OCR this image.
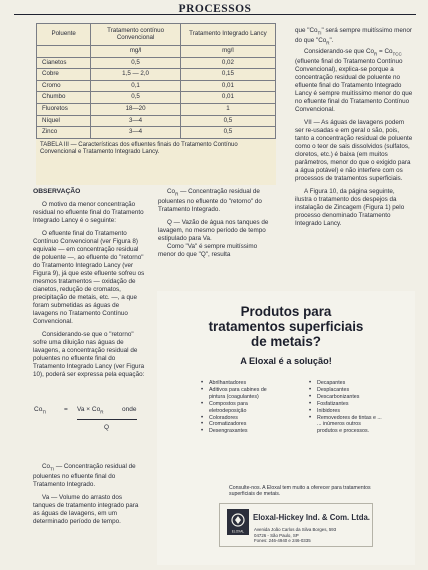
PROCESSOS
Poluente	Tratamento contínuo Convencional	Tratamento Integrado Lancy
	mg/l	mg/l
Cianetos	0,5	0,02
Cobre	1,5 — 2,0	0,15
Cromo	0,1	0,01
Chumbo	0,5	0,01
Fluoretos	18—20	1
Níquel	3—4	0,5
Zinco	3—4	0,5
TABELA III — Características dos efluentes finais do Tratamento Contínuo Convencional e Tratamento Integrado Lancy.

OBSERVAÇÃO

O motivo da menor concentração residual no efluente final do Tratamento Integrado Lancy é o seguinte:

O efluente final do Tratamento Contínuo Convencional (ver Figura 8) equivale — em concentração residual de poluente —, ao efluente do "retorno" do Tratamento Integrado Lancy (ver Figura 9), já que este efluente sofreu os mesmos tratamentos — oxidação de cianetos, redução de cromatos, precipitação de metais, etc. —, a que foram submetidas as águas de lavagens no Tratamento Contínuo Convencional.

Considerando-se que o "retorno" sofre uma diluição nas águas de lavagens, a concentração residual de poluentes no efluente final do Tratamento Integrado Lancy (ver Figura 10), poderá ser expressa pela equação:

$Co_{TI}$	= $Va \times Co_R$	onde
Q

$Co_{TI}$ — Concentração residual de poluentes no efluente final do Tratamento Integrado.

Va — Volume do arrasto dos tanques de tratamento integrado para as águas de lavagens, em um determinado período de tempo.

$Co_R$ — Concentração residual de poluentes no efluente do "retorno" do Tratamento Integrado.

Q — Vazão de água nos tanques de lavagem, no mesmo período de tempo estipulado para Va.

Como "Va" é sempre muitíssimo menor do que "Q", resulta

que "$Co_{TI}$" será sempre muitíssimo menor do que "$Co_R$".

Considerando-se que $Co_R = Co_{TCC}$ (efluente final do Tratamento Contínuo Convencional), explica-se porque a concentração residual de poluente no efluente final do Tratamento Integrado Lancy é sempre muitíssimo menor do que no efluente final do Tratamento Contínuo Convencional.

VII — As águas de lavagens podem ser re-usadas e em geral o são, pois, tanto a concentração residual de poluente como o teor de sais dissolvidos (sulfatos, cloretos, etc.) é baixa (em muitos parâmetros, menor do que o exigido para a água potável) e não interfere com os processos de tratamentos superficiais.

A Figura 10, da página seguinte, ilustra o tratamento dos despejos da instalação de Zincagem (Figura 1) pelo processo denominado Tratamento Integrado Lancy.

Produtos para
tratamentos superficiais
de metais?
A Eloxal é a solução!
• Abrilhantadores
• Aditivos para cabines de
pintura (coagulantes)
• Compostos para
eletrodeposição
• Coloradores
• Cromatizadores
• Desengraxantes
• Decapantes
• Desplacantes
• Descarbonizantes
• Fosfatizantes
• Inibidores
• Removedores de tintas e ...
... inúmeros outros
produtos e processos.
Consulte-nos. A Eloxal tem muito a oferecer para tratamentos superficiais de metais.
ELOXAL
Eloxal-Hickey Ind. & Com. Ltda.
Avenida João Carlos da Silva Borges, 593
04726 - São Paulo, SP
Fones: 246-4940 e 246-0335
